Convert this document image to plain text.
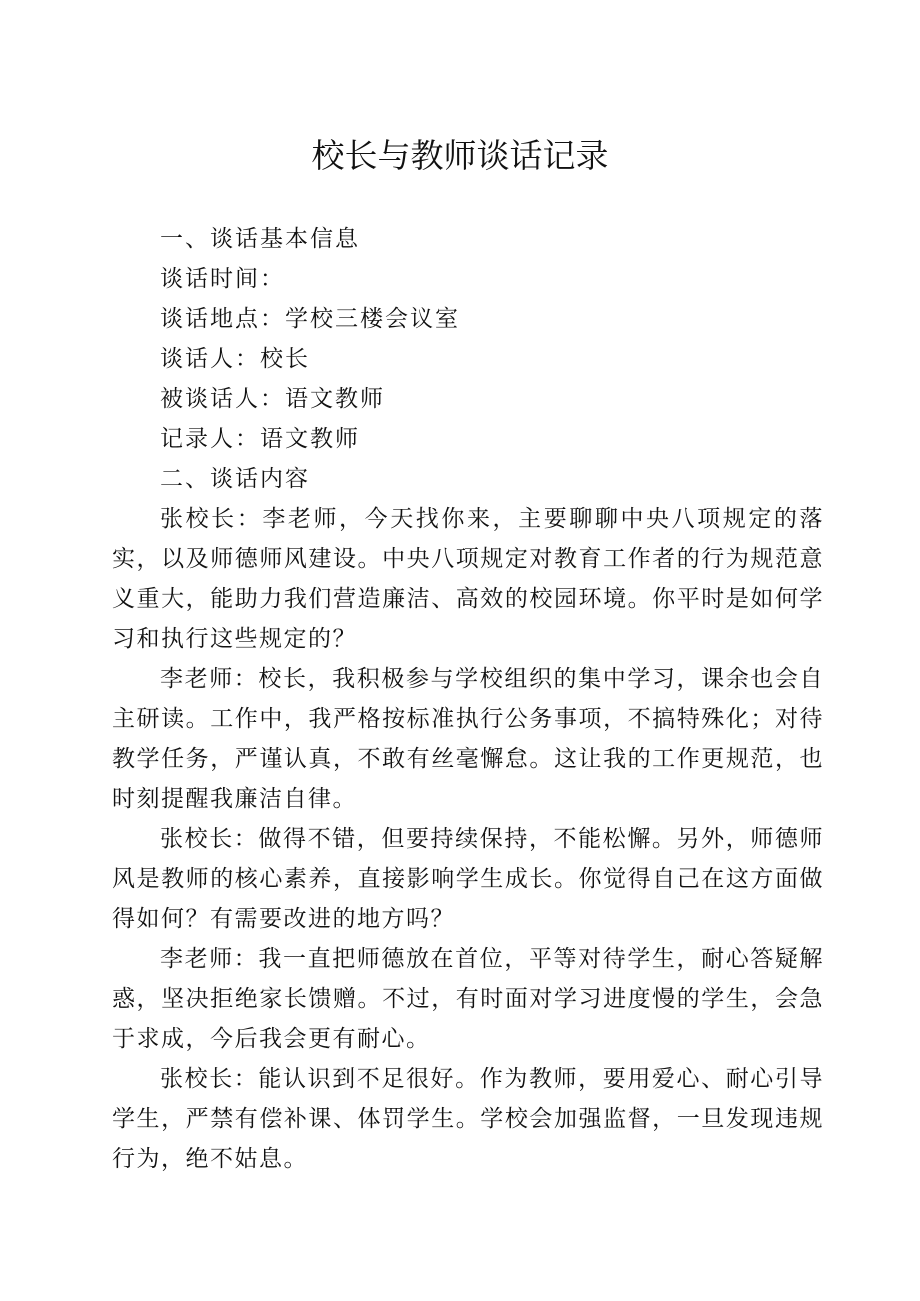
校长与教师谈话记录

一、谈话基本信息

谈话时间：

谈话地点：学校三楼会议室

谈话人：校长

被谈话人：语文教师

记录人：语文教师

二、谈话内容

张校长：李老师，今天找你来，主要聊聊中央八项规定的落实，以及师德师风建设。中央八项规定对教育工作者的行为规范意义重大，能助力我们营造廉洁、高效的校园环境。你平时是如何学习和执行这些规定的？

李老师：校长，我积极参与学校组织的集中学习，课余也会自主研读。工作中，我严格按标准执行公务事项，不搞特殊化；对待教学任务，严谨认真，不敢有丝毫懈怠。这让我的工作更规范，也时刻提醒我廉洁自律。

张校长：做得不错，但要持续保持，不能松懈。另外，师德师风是教师的核心素养，直接影响学生成长。你觉得自己在这方面做得如何？有需要改进的地方吗？

李老师：我一直把师德放在首位，平等对待学生，耐心答疑解惑，坚决拒绝家长馈赠。不过，有时面对学习进度慢的学生，会急于求成，今后我会更有耐心。

张校长：能认识到不足很好。作为教师，要用爱心、耐心引导学生，严禁有偿补课、体罚学生。学校会加强监督，一旦发现违规行为，绝不姑息。
